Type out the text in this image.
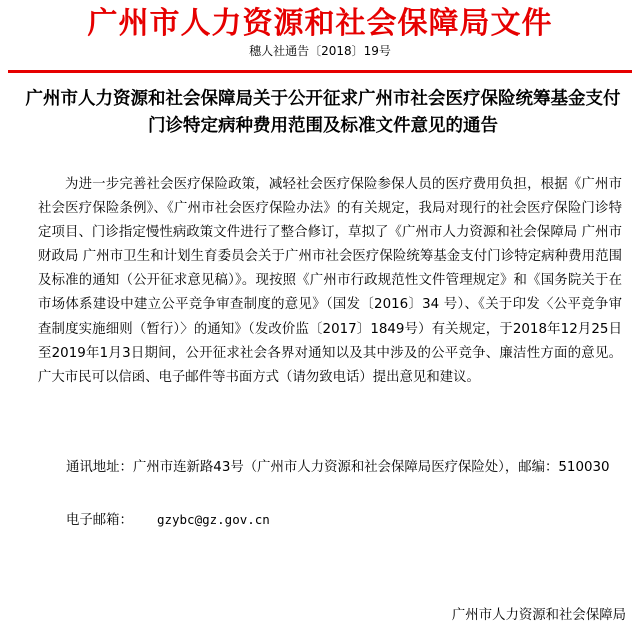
广州市人力资源和社会保障局文件
穗人社通告〔2018〕19号
广州市人力资源和社会保障局关于公开征求广州市社会医疗保险统筹基金支付门诊特定病种费用范围及标准文件意见的通告

为进一步完善社会医疗保险政策，减轻社会医疗保险参保人员的医疗费用负担，根据《广州市社会医疗保险条例》、《广州市社会医疗保险办法》的有关规定，我局对现行的社会医疗保险门诊特定项目、门诊指定慢性病政策文件进行了整合修订，草拟了《广州市人力资源和社会保障局 广州市财政局 广州市卫生和计划生育委员会关于广州市社会医疗保险统筹基金支付门诊特定病种费用范围及标准的通知（公开征求意见稿）》。现按照《广州市行政规范性文件管理规定》和《国务院关于在市场体系建设中建立公平竞争审查制度的意见》（国发〔2016〕34 号）、《关于印发〈公平竞争审查制度实施细则（暂行）〉的通知》（发改价监〔2017〕1849号）有关规定，于2018年12月25日至2019年1月3日期间，公开征求社会各界对通知以及其中涉及的公平竞争、廉洁性方面的意见。广大市民可以信函、电子邮件等书面方式（请勿致电话）提出意见和建议。

通讯地址：广州市连新路43号（广州市人力资源和社会保障局医疗保险处），邮编：510030
电子邮箱： gzybc@gz.gov.cn
广州市人力资源和社会保障局
